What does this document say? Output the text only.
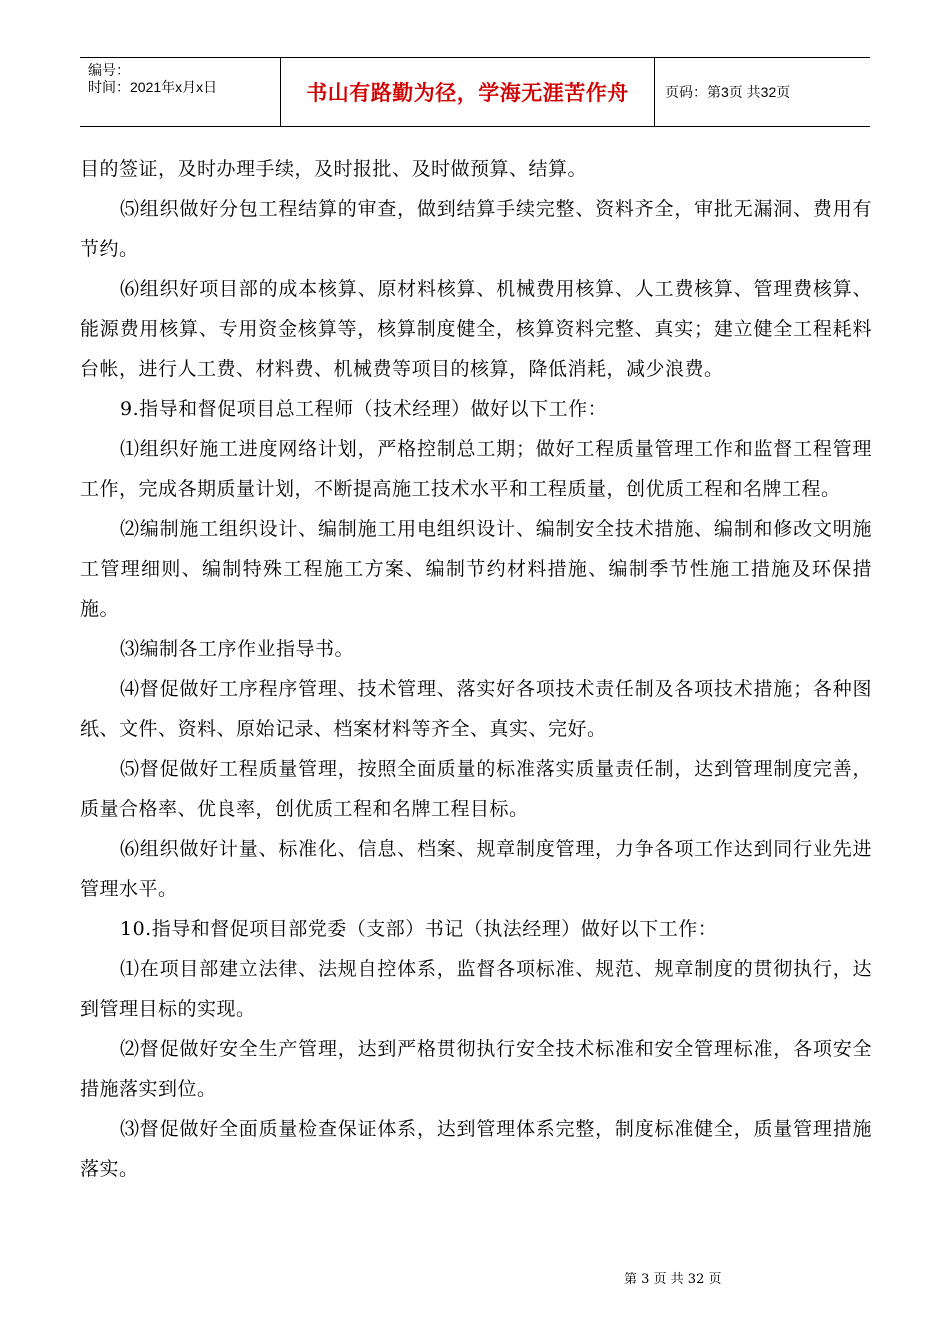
编号：
时间：2021年x月x日	书山有路勤为径，学海无涯苦作舟	页码：第3页 共32页

目的签证，及时办理手续，及时报批、及时做预算、结算。

⑸组织做好分包工程结算的审查，做到结算手续完整、资料齐全，审批无漏洞、费用有节约。

⑹组织好项目部的成本核算、原材料核算、机械费用核算、人工费核算、管理费核算、能源费用核算、专用资金核算等，核算制度健全，核算资料完整、真实；建立健全工程耗料台帐，进行人工费、材料费、机械费等项目的核算，降低消耗，减少浪费。

9.指导和督促项目总工程师（技术经理）做好以下工作：

⑴组织好施工进度网络计划，严格控制总工期；做好工程质量管理工作和监督工程管理工作，完成各期质量计划，不断提高施工技术水平和工程质量，创优质工程和名牌工程。

⑵编制施工组织设计、编制施工用电组织设计、编制安全技术措施、编制和修改文明施工管理细则、编制特殊工程施工方案、编制节约材料措施、编制季节性施工措施及环保措施。

⑶编制各工序作业指导书。

⑷督促做好工序程序管理、技术管理、落实好各项技术责任制及各项技术措施；各种图纸、文件、资料、原始记录、档案材料等齐全、真实、完好。

⑸督促做好工程质量管理，按照全面质量的标准落实质量责任制，达到管理制度完善，质量合格率、优良率，创优质工程和名牌工程目标。

⑹组织做好计量、标准化、信息、档案、规章制度管理，力争各项工作达到同行业先进管理水平。

10.指导和督促项目部党委（支部）书记（执法经理）做好以下工作：

⑴在项目部建立法律、法规自控体系，监督各项标准、规范、规章制度的贯彻执行，达到管理目标的实现。

⑵督促做好安全生产管理，达到严格贯彻执行安全技术标准和安全管理标准，各项安全措施落实到位。

⑶督促做好全面质量检查保证体系，达到管理体系完整，制度标准健全，质量管理措施落实。

第 3 页 共 32 页
